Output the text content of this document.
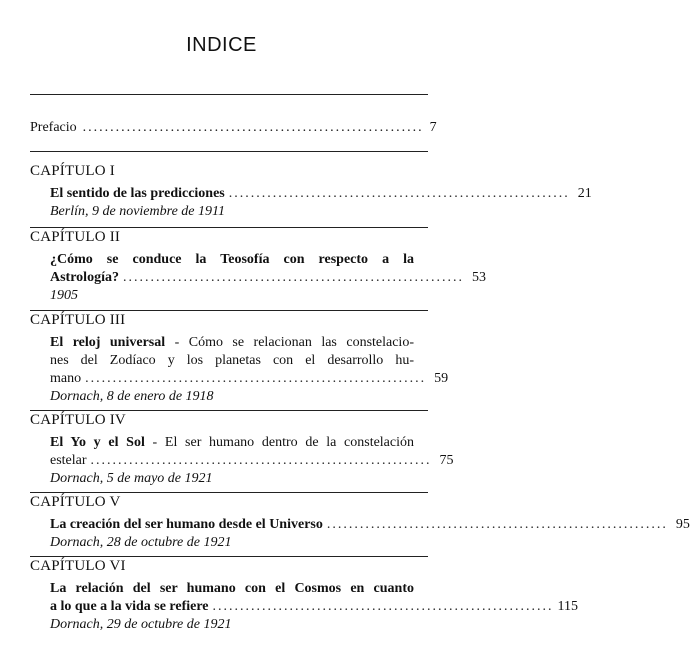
INDICE
Prefacio .............................................................. 7
CAPÍTULO I
El sentido de las predicciones .............................................................. 21
Berlín, 9 de noviembre de 1911
CAPÍTULO II
¿Cómo se conduce la Teosofía con respecto a la
Astrología? .............................................................. 53
1905
CAPÍTULO III
El reloj universal - Cómo se relacionan las constelacio-
nes del Zodíaco y los planetas con el desarrollo hu-
mano .............................................................. 59
Dornach, 8 de enero de 1918
CAPÍTULO IV
El Yo y el Sol - El ser humano dentro de la constelación
estelar .............................................................. 75
Dornach, 5 de mayo de 1921
CAPÍTULO V
La creación del ser humano desde el Universo .............................................................. 95
Dornach, 28 de octubre de 1921
CAPÍTULO VI
La relación del ser humano con el Cosmos en cuanto
a lo que a la vida se refiere .............................................................. 115
Dornach, 29 de octubre de 1921
